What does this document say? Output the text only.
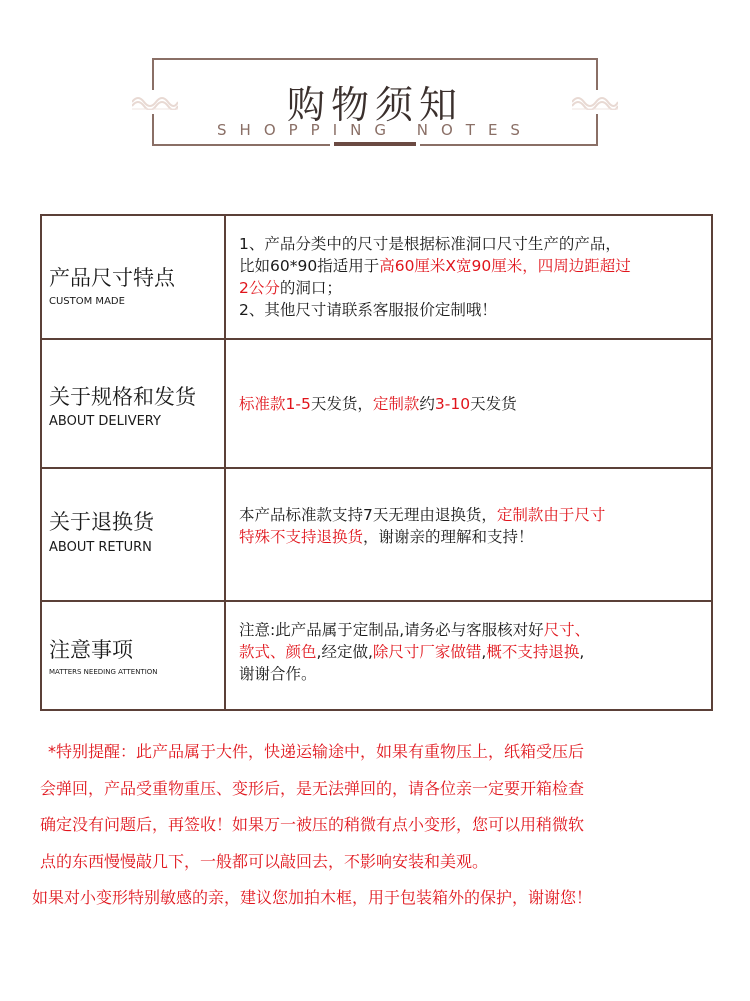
购物须知
SHOPPING NOTES
产品尺寸特点
CUSTOM MADE
1、产品分类中的尺寸是根据标准洞口尺寸生产的产品，
比如60*90指适用于高60厘米X宽90厘米，四周边距超过
2公分的洞口；
2、其他尺寸请联系客服报价定制哦！
关于规格和发货
ABOUT DELIVERY
标准款1-5天发货，定制款约3-10天发货
关于退换货
ABOUT RETURN
本产品标准款支持7天无理由退换货，定制款由于尺寸
特殊不支持退换货，谢谢亲的理解和支持！
注意事项
MATTERS NEEDING ATTENTION
注意:此产品属于定制品,请务必与客服核对好尺寸、
款式、颜色,经定做,除尺寸厂家做错,概不支持退换,
谢谢合作。

*特别提醒：此产品属于大件，快递运输途中，如果有重物压上，纸箱受压后

会弹回，产品受重物重压、变形后，是无法弹回的，请各位亲一定要开箱检查

确定没有问题后，再签收！如果万一被压的稍微有点小变形，您可以用稍微软

点的东西慢慢敲几下，一般都可以敲回去，不影响安装和美观。

如果对小变形特别敏感的亲，建议您加拍木框，用于包装箱外的保护，谢谢您！
